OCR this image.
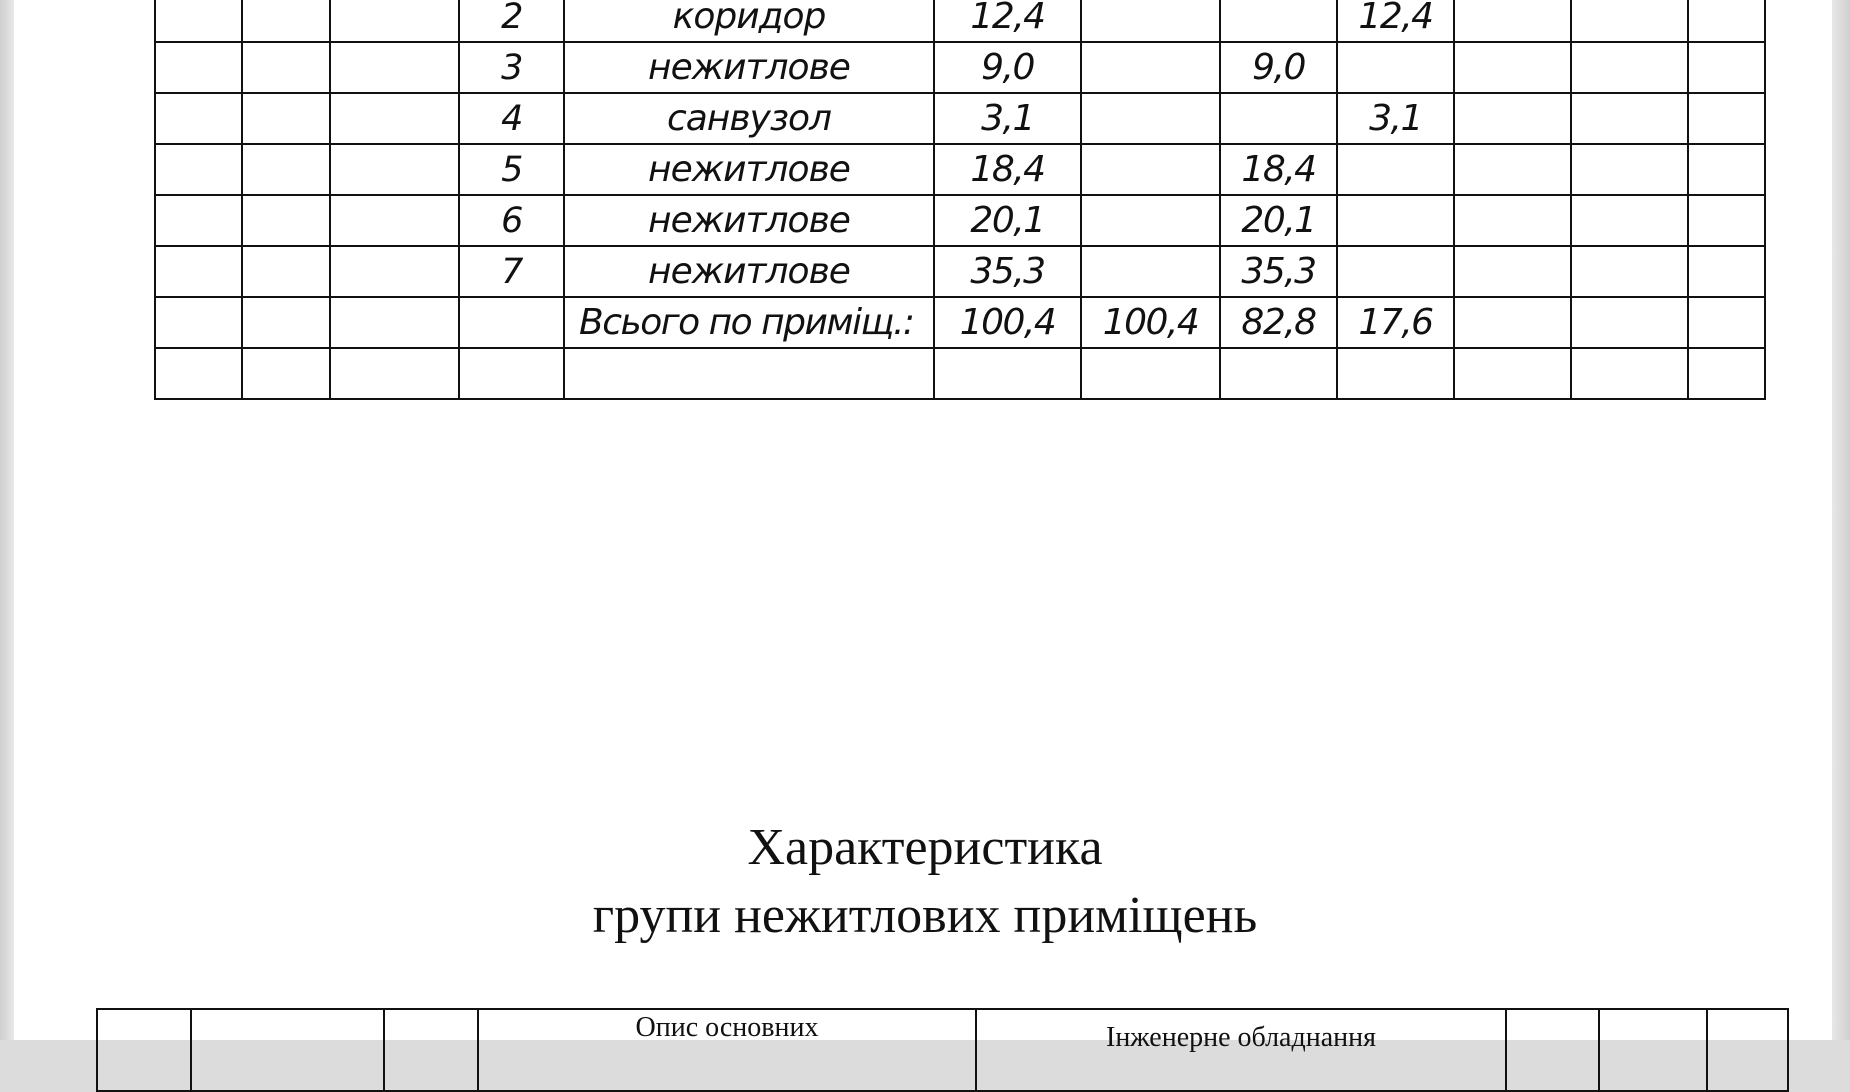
			2	коридор	12,4			12,4			
			3	нежитлове	9,0		9,0				
			4	санвузол	3,1			3,1			
			5	нежитлове	18,4		18,4				
			6	нежитлове	20,1		20,1				
			7	нежитлове	35,3		35,3				
				Всього по приміщ.:	100,4	100,4	82,8	17,6			

Характеристика
групи нежитлових приміщень

Опис основних	Інженерне обладнання
